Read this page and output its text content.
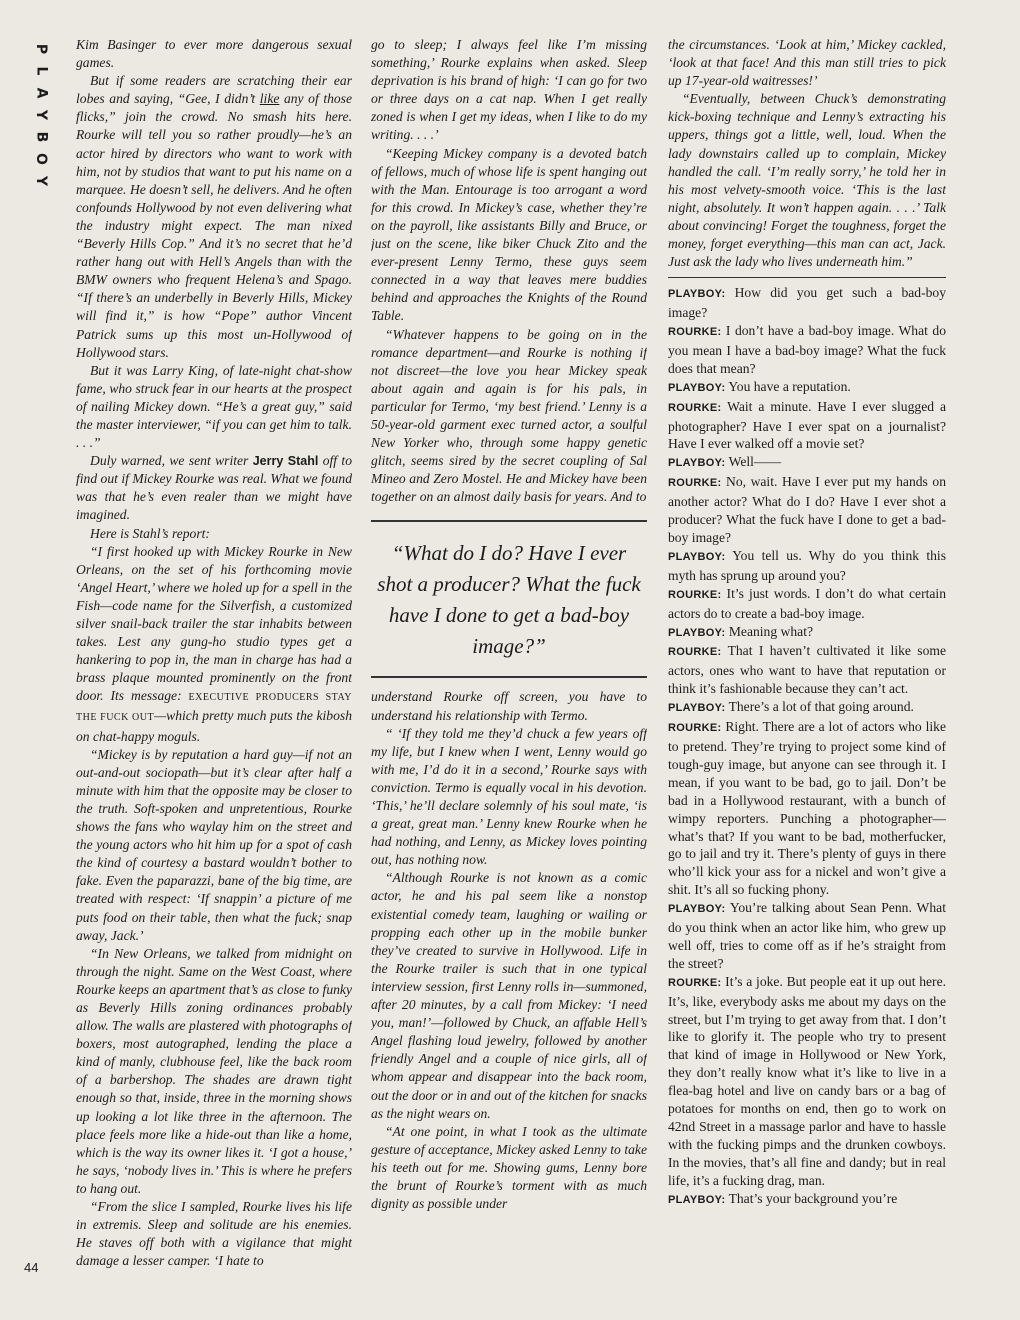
P
L
A
Y
B
O
Y
44

Kim Basinger to ever more dangerous sexual games.

But if some readers are scratching their ear lobes and saying, “Gee, I didn’t like any of those flicks,” join the crowd. No smash hits here. Rourke will tell you so rather proudly—he’s an actor hired by directors who want to work with him, not by studios that want to put his name on a marquee. He doesn’t sell, he delivers. And he often confounds Hollywood by not even delivering what the industry might expect. The man nixed “Beverly Hills Cop.” And it’s no secret that he’d rather hang out with Hell’s Angels than with the BMW owners who frequent Helena’s and Spago. “If there’s an underbelly in Beverly Hills, Mickey will find it,” is how “Pope” author Vincent Patrick sums up this most un-Hollywood of Hollywood stars.

But it was Larry King, of late-night chat-show fame, who struck fear in our hearts at the prospect of nailing Mickey down. “He’s a great guy,” said the master interviewer, “if you can get him to talk. . . .”

Duly warned, we sent writer Jerry Stahl off to find out if Mickey Rourke was real. What we found was that he’s even realer than we might have imagined.

Here is Stahl’s report:

“I first hooked up with Mickey Rourke in New Orleans, on the set of his forthcoming movie ‘Angel Heart,’ where we holed up for a spell in the Fish—code name for the Silverfish, a customized silver snail-back trailer the star inhabits between takes. Lest any gung-ho studio types get a hankering to pop in, the man in charge has had a brass plaque mounted prominently on the front door. Its message: EXECUTIVE PRODUCERS STAY THE FUCK OUT—which pretty much puts the kibosh on chat-happy moguls.

“Mickey is by reputation a hard guy—if not an out-and-out sociopath—but it’s clear after half a minute with him that the opposite may be closer to the truth. Soft-spoken and unpretentious, Rourke shows the fans who waylay him on the street and the young actors who hit him up for a spot of cash the kind of courtesy a bastard wouldn’t bother to fake. Even the paparazzi, bane of the big time, are treated with respect: ‘If snappin’ a picture of me puts food on their table, then what the fuck; snap away, Jack.’

“In New Orleans, we talked from midnight on through the night. Same on the West Coast, where Rourke keeps an apartment that’s as close to funky as Beverly Hills zoning ordinances probably allow. The walls are plastered with photographs of boxers, most autographed, lending the place a kind of manly, clubhouse feel, like the back room of a barbershop. The shades are drawn tight enough so that, inside, three in the morning shows up looking a lot like three in the afternoon. The place feels more like a hide-out than like a home, which is the way its owner likes it. ‘I got a house,’ he says, ‘nobody lives in.’ This is where he prefers to hang out.

“From the slice I sampled, Rourke lives his life in extremis. Sleep and solitude are his enemies. He staves off both with a vigilance that might damage a lesser camper. ‘I hate to

go to sleep; I always feel like I’m missing something,’ Rourke explains when asked. Sleep deprivation is his brand of high: ‘I can go for two or three days on a cat nap. When I get really zoned is when I get my ideas, when I like to do my writing. . . .’

“Keeping Mickey company is a devoted batch of fellows, much of whose life is spent hanging out with the Man. Entourage is too arrogant a word for this crowd. In Mickey’s case, whether they’re on the payroll, like assistants Billy and Bruce, or just on the scene, like biker Chuck Zito and the ever-present Lenny Termo, these guys seem connected in a way that leaves mere buddies behind and approaches the Knights of the Round Table.

“Whatever happens to be going on in the romance department—and Rourke is nothing if not discreet—the love you hear Mickey speak about again and again is for his pals, in particular for Termo, ‘my best friend.’ Lenny is a 50-year-old garment exec turned actor, a soulful New Yorker who, through some happy genetic glitch, seems sired by the secret coupling of Sal Mineo and Zero Mostel. He and Mickey have been together on an almost daily basis for years. And to

“What do I do? Have I ever shot a producer? What the fuck have I done to get a bad-boy image?”

understand Rourke off screen, you have to understand his relationship with Termo.

“ ‘If they told me they’d chuck a few years off my life, but I knew when I went, Lenny would go with me, I’d do it in a second,’ Rourke says with conviction. Termo is equally vocal in his devotion. ‘This,’ he’ll declare solemnly of his soul mate, ‘is a great, great man.’ Lenny knew Rourke when he had nothing, and Lenny, as Mickey loves pointing out, has nothing now.

“Although Rourke is not known as a comic actor, he and his pal seem like a nonstop existential comedy team, laughing or wailing or propping each other up in the mobile bunker they’ve created to survive in Hollywood. Life in the Rourke trailer is such that in one typical interview session, first Lenny rolls in—summoned, after 20 minutes, by a call from Mickey: ‘I need you, man!’—followed by Chuck, an affable Hell’s Angel flashing loud jewelry, followed by another friendly Angel and a couple of nice girls, all of whom appear and disappear into the back room, out the door or in and out of the kitchen for snacks as the night wears on.

“At one point, in what I took as the ultimate gesture of acceptance, Mickey asked Lenny to take his teeth out for me. Showing gums, Lenny bore the brunt of Rourke’s torment with as much dignity as possible under

the circumstances. ‘Look at him,’ Mickey cackled, ‘look at that face! And this man still tries to pick up 17-year-old waitresses!’

“Eventually, between Chuck’s demonstrating kick-boxing technique and Lenny’s extracting his uppers, things got a little, well, loud. When the lady downstairs called up to complain, Mickey handled the call. ‘I’m really sorry,’ he told her in his most velvety-smooth voice. ‘This is the last night, absolutely. It won’t happen again. . . .’ Talk about convincing! Forget the toughness, forget the money, forget everything—this man can act, Jack. Just ask the lady who lives underneath him.”

PLAYBOY: How did you get such a bad-boy image?

ROURKE: I don’t have a bad-boy image. What do you mean I have a bad-boy image? What the fuck does that mean?

PLAYBOY: You have a reputation.

ROURKE: Wait a minute. Have I ever slugged a photographer? Have I ever spat on a journalist? Have I ever walked off a movie set?

PLAYBOY: Well——

ROURKE: No, wait. Have I ever put my hands on another actor? What do I do? Have I ever shot a producer? What the fuck have I done to get a bad-boy image?

PLAYBOY: You tell us. Why do you think this myth has sprung up around you?

ROURKE: It’s just words. I don’t do what certain actors do to create a bad-boy image.

PLAYBOY: Meaning what?

ROURKE: That I haven’t cultivated it like some actors, ones who want to have that reputation or think it’s fashionable because they can’t act.

PLAYBOY: There’s a lot of that going around.

ROURKE: Right. There are a lot of actors who like to pretend. They’re trying to project some kind of tough-guy image, but anyone can see through it. I mean, if you want to be bad, go to jail. Don’t be bad in a Hollywood restaurant, with a bunch of wimpy reporters. Punching a photographer—what’s that? If you want to be bad, motherfucker, go to jail and try it. There’s plenty of guys in there who’ll kick your ass for a nickel and won’t give a shit. It’s all so fucking phony.

PLAYBOY: You’re talking about Sean Penn. What do you think when an actor like him, who grew up well off, tries to come off as if he’s straight from the street?

ROURKE: It’s a joke. But people eat it up out here. It’s, like, everybody asks me about my days on the street, but I’m trying to get away from that. I don’t like to glorify it. The people who try to present that kind of image in Hollywood or New York, they don’t really know what it’s like to live in a flea-bag hotel and live on candy bars or a bag of potatoes for months on end, then go to work on 42nd Street in a massage parlor and have to hassle with the fucking pimps and the drunken cowboys. In the movies, that’s all fine and dandy; but in real life, it’s a fucking drag, man.

PLAYBOY: That’s your background you’re
